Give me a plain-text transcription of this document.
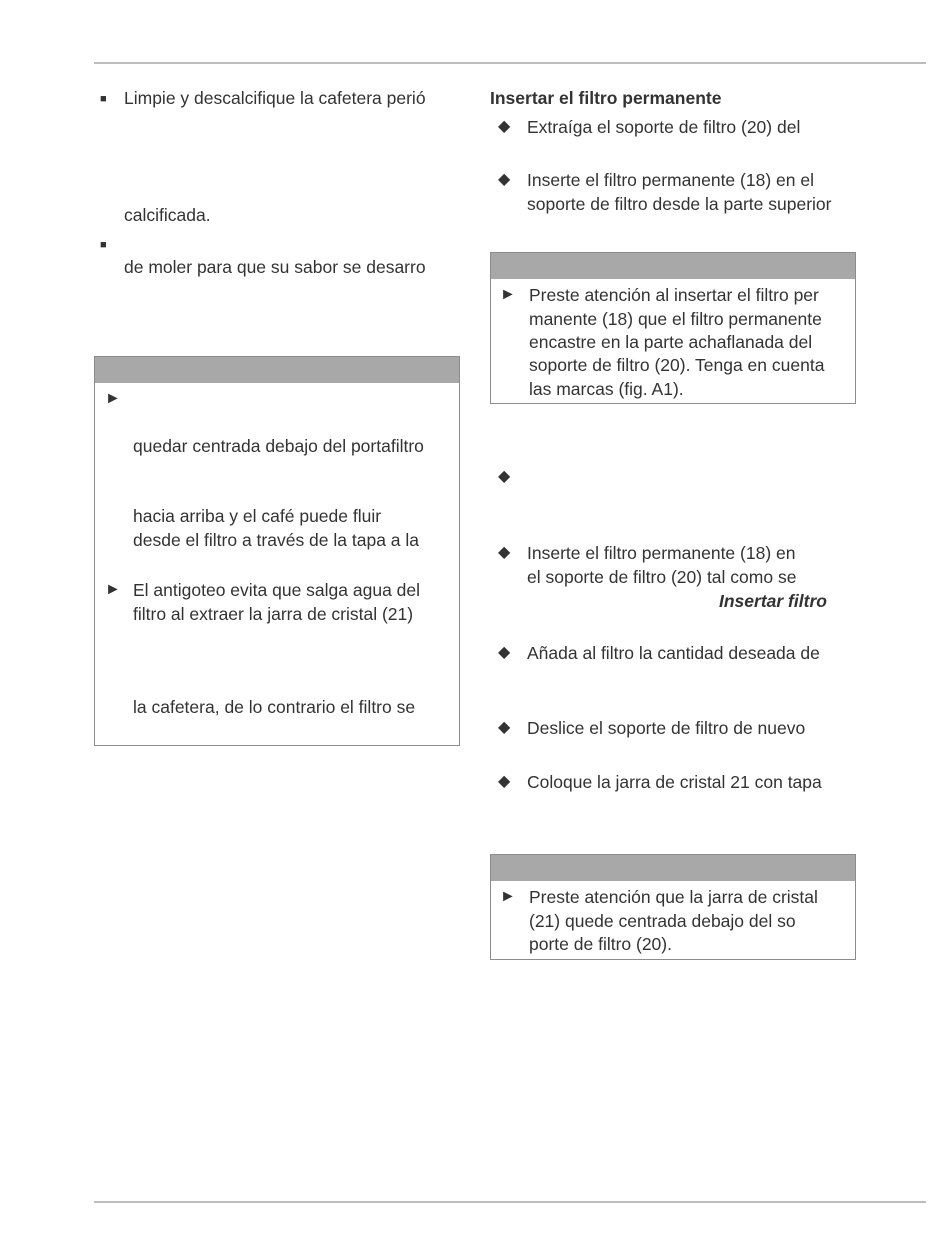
■ Limpie y descalcifique la cafetera perió
calcificada.
■
de moler para que su sabor se desarro
►
quedar centrada debajo del portafiltro
hacia arriba y el café puede fluir
desde el filtro a través de la tapa a la
► El antigoteo evita que salga agua del
filtro al extraer la jarra de cristal (21)
la cafetera, de lo contrario el filtro se
Insertar el filtro permanente
◆ Extraíga el soporte de filtro (20) del
◆ Inserte el filtro permanente (18) en el
soporte de filtro desde la parte superior
► Preste atención al insertar el filtro per
manente (18) que el filtro permanente
encastre en la parte achaflanada del
soporte de filtro (20). Tenga en cuenta
las marcas (fig. A1).
◆
◆ Inserte el filtro permanente (18) en
el soporte de filtro (20) tal como se
Insertar filtro
◆ Añada al filtro la cantidad deseada de
◆ Deslice el soporte de filtro de nuevo
◆ Coloque la jarra de cristal 21 con tapa
► Preste atención que la jarra de cristal
(21) quede centrada debajo del so
porte de filtro (20).
